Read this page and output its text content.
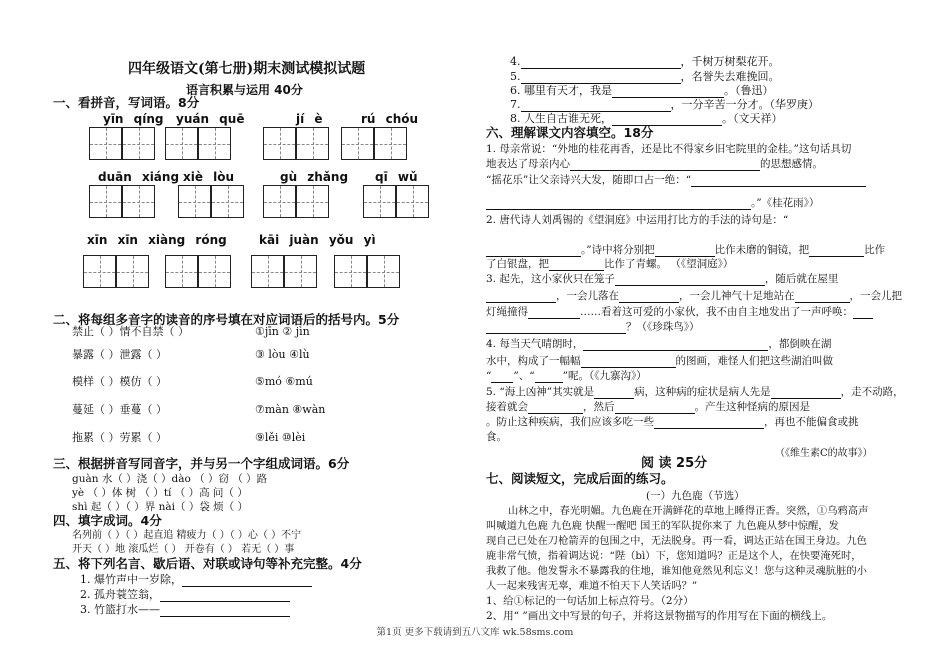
四年级语文(第七册)期末测试模拟试题
语言积累与运用 40分
一、看拼音，写词语。8分
yīn qíng yuán quē	jí è	rú chóu
duān xiáng xiè lòu	gù zhǎng qī wǔ
xīn xīn xiàng róng	kāi juàn yǒu yì
二、将每组多音字的读音的序号填在对应词语后的括号内。5分
禁止（ ）情不自禁（ ）	①jīn ② jìn
暴露（ ）泄露（ ）	③ lòu ④lù
模样（ ）模仿（ ）	⑤mó ⑥mú
蔓延（ ）垂蔓（ ）	⑦màn ⑧wàn
拖累（ ）劳累（ ）	⑨lěi ⑩lèi
三、根据拼音写同音字，并与另一个字组成词语。6分
guàn 水（ ）浇（ ）dào （ ）窃 （ ）路
yè （ ）体 树 （ ）tí （ ）高 问（ ）
shì 起（ ）（ ）界 nài（ ）袋 烦（ ）
四、填字成词。4分
名列前（ ）（ ）起直追 精疲力（ ）（ ）心（ ）不宁
开天（ ）地 滚瓜烂（ ） 开卷有（ ） 若无（ ）事
五、将下列名言、歇后语、对联或诗句等补充完整。4分
1. 爆竹声中一岁除，
2. 孤舟蓑笠翁，
3. 竹篮打水——
4.	，千树万树梨花开。
5.	，名誉失去难挽回。
6. 哪里有天才，我是	。（鲁迅）
7.	，一分辛苦一分才。（华罗庚）
8. 人生自古谁无死，	。（文天祥）
六、理解课文内容填空。18分
1. 母亲常说：“外地的桂花再香，还是比不得家乡旧宅院里的金桂。”这句话具切
地表达了母亲内心	的思想感情。
“摇花乐”让父亲诗兴大发，随即口占一绝：“
。”《桂花雨》）
2. 唐代诗人刘禹锡的《望洞庭》中运用打比方的手法的诗句是：“
。”诗中将分别把	比作未磨的铜镜，把	比作
了白银盘，把	比作了青螺。 （《望洞庭》）
3. 起先，这小家伙只在笼子	，随后就在屋里
，一会儿落在	，一会儿神气十足地站在	，一会儿把
灯绳撞得	……看着这可爱的小家伙，我不由自主地发出了一声呼唤：
？（《珍珠鸟》）
4. 每当天气晴朗时，	，都倒映在湖
水中，构成了一幅幅	的图画，难怪人们把这些湖泊叫做
“ ”、“	”呢。（《九寨沟》）
5. “海上凶神”其实就是	病，这种病的症状是病人先是	，走不动路，
接着就会	，然后	。产生这种怪病的原因是
。防止这种疾病，我们应该多吃一些	，再也不能偏食或挑
食。
（《维生素C的故事》）
阅 读 25分
七、阅读短文，完成后面的练习。
(一）九色鹿（节选）
山林之中，春光明媚。九色鹿在开满鲜花的草地上睡得正香。突然，①乌鸦高声
叫喊道九色鹿 九色鹿 快醒一醒吧 国王的军队捉你来了 九色鹿从梦中惊醒，发
现自己已处在刀枪箭弄的包围之中，无法脱身。再一看，调达正站在国王身边。九色
鹿非常气愤，指着调达说：“陛（bì）下，您知道吗？正是这个人，在快要淹死时，
我救了他。他发誓永不暴露我的住地，谁知他竟然见利忘义！您与这种灵魂肮脏的小
人一起来残害无辜，难道不怕天下人笑话吗？”
1、给①标记的一句话加上标点符号。（2分）
2、用“ ”画出文中写景的句子，并将这景物描写的作用写在下面的横线上。
第1页 更多下载请到五八文库 wk.58sms.com
